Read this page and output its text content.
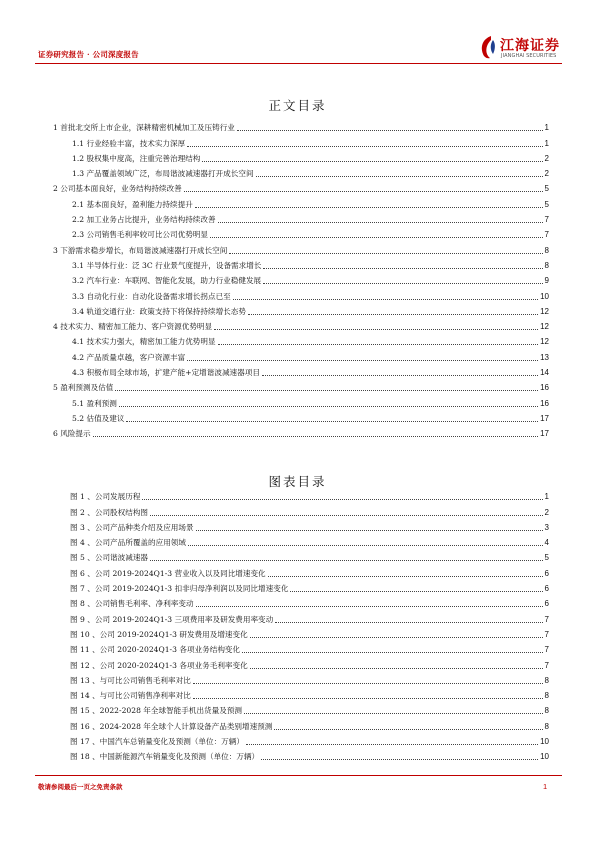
证券研究报告 · 公司深度报告
江海证券
JIANGHAI SECURITIES
正文目录
1 首批北交所上市企业，深耕精密机械加工及压铸行业	1
1.1 行业经验丰富，技术实力深厚	1
1.2 股权集中度高，注重完善治理结构	2
1.3 产品覆盖领域广泛，布局谐波减速器打开成长空间	2
2 公司基本面良好，业务结构持续改善	5
2.1 基本面良好，盈利能力持续提升	5
2.2 加工业务占比提升，业务结构持续改善	7
2.3 公司销售毛利率较可比公司优势明显	7
3 下游需求稳步增长，布局谐波减速器打开成长空间	8
3.1 半导体行业：泛 3C 行业景气度提升，设备需求增长	8
3.2 汽车行业：车联网、智能化发展，助力行业稳健发展	9
3.3 自动化行业：自动化设备需求增长拐点已至	10
3.4 轨道交通行业：政策支持下将保持持续增长态势	12
4 技术实力、精密加工能力、客户资源优势明显	12
4.1 技术实力强大，精密加工能力优势明显	12
4.2 产品质量卓越，客户资源丰富	13
4.3 积极布局全球市场，扩建产能+定增谐波减速器项目	14
5 盈利预测及估值	16
5.1 盈利预测	16
5.2 估值及建议	17
6 风险提示	17
图表目录
图 1 、公司发展历程	1
图 2 、公司股权结构图	2
图 3 、公司产品种类介绍及应用场景	3
图 4 、公司产品所覆盖的应用领域	4
图 5 、公司谐波减速器	5
图 6 、公司 2019-2024Q1-3 营业收入以及同比增速变化	6
图 7 、公司 2019-2024Q1-3 扣非归母净利润以及同比增速变化	6
图 8 、公司销售毛利率、净利率变动	6
图 9 、公司 2019-2024Q1-3 三项费用率及研发费用率变动	7
图 10 、公司 2019-2024Q1-3 研发费用及增速变化	7
图 11 、公司 2020-2024Q1-3 各项业务结构变化	7
图 12 、公司 2020-2024Q1-3 各项业务毛利率变化	7
图 13 、与可比公司销售毛利率对比	8
图 14 、与可比公司销售净利率对比	8
图 15 、2022-2028 年全球智能手机出货量及预测	8
图 16 、2024-2028 年全球个人计算设备产品类别增速预测	8
图 17 、中国汽车总销量变化及预测（单位：万辆）	10
图 18 、中国新能源汽车销量变化及预测（单位：万辆）	10
敬请参阅最后一页之免责条款	1
